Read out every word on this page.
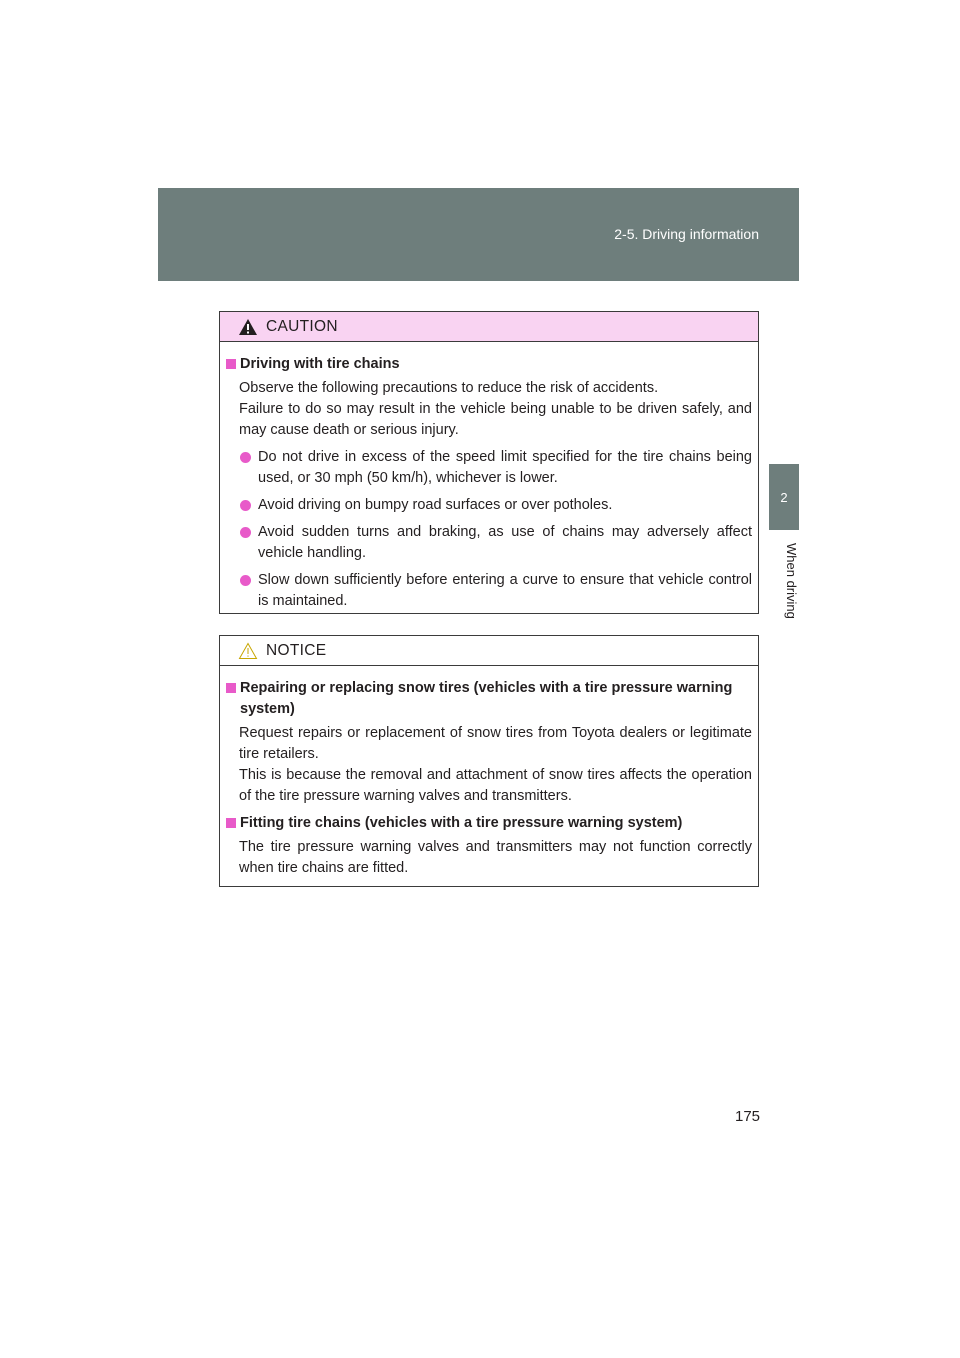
2-5. Driving information
2
When driving
CAUTION
Driving with tire chains

Observe the following precautions to reduce the risk of accidents.

Failure to do so may result in the vehicle being unable to be driven safely, and may cause death or serious injury.

Do not drive in excess of the speed limit specified for the tire chains being used, or 30 mph (50 km/h), whichever is lower.

Avoid driving on bumpy road surfaces or over potholes.

Avoid sudden turns and braking, as use of chains may adversely affect vehicle handling.

Slow down sufficiently before entering a curve to ensure that vehicle control is maintained.

NOTICE
Repairing or replacing snow tires (vehicles with a tire pressure warning system)

Request repairs or replacement of snow tires from Toyota dealers or legitimate tire retailers.

This is because the removal and attachment of snow tires affects the operation of the tire pressure warning valves and transmitters.

Fitting tire chains (vehicles with a tire pressure warning system)

The tire pressure warning valves and transmitters may not function correctly when tire chains are fitted.

175
